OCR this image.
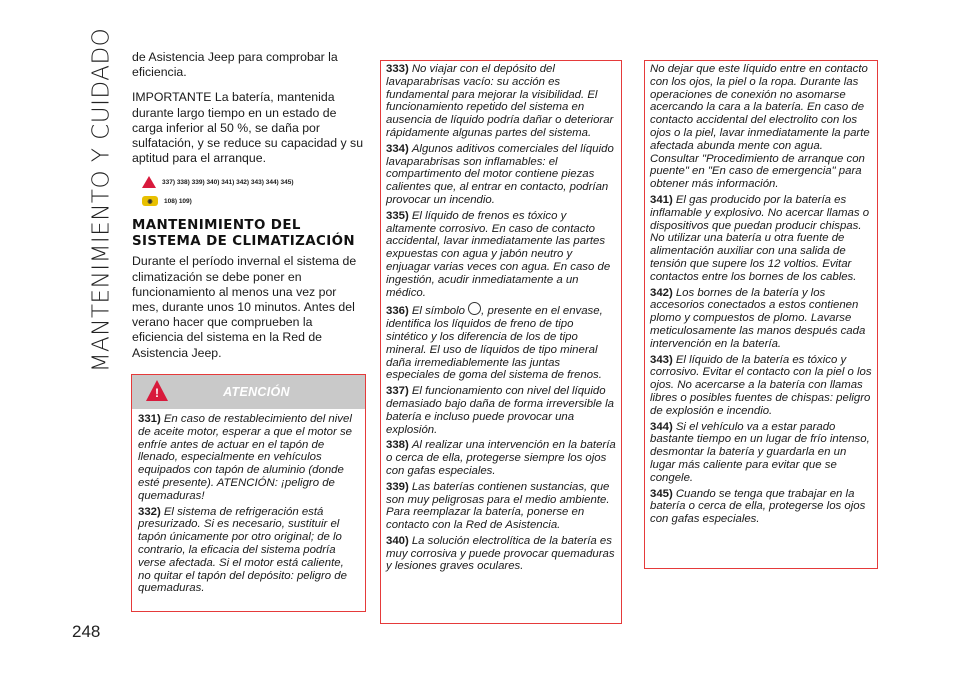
MANTENIMIENTO Y CUIDADO
248

de Asistencia Jeep para comprobar la eficiencia.

IMPORTANTE La batería, mantenida durante largo tiempo en un estado de carga inferior al 50 %, se daña por sulfatación, y se reduce su capacidad y su aptitud para el arranque.

337) 338) 339) 340) 341) 342) 343) 344) 345)
◉	108) 109)
MANTENIMIENTO DEL SISTEMA DE CLIMATIZACIÓN

Durante el período invernal el sistema de climatización se debe poner en funcionamiento al menos una vez por mes, durante unos 10 minutos. Antes del verano hacer que comprueben la eficiencia del sistema en la Red de Asistencia Jeep.

!	ATENCIÓN

331) En caso de restablecimiento del nivel de aceite motor, esperar a que el motor se enfríe antes de actuar en el tapón de llenado, especialmente en vehículos equipados con tapón de aluminio (donde esté presente). ATENCIÓN: ¡peligro de quemaduras!

332) El sistema de refrigeración está presurizado. Si es necesario, sustituir el tapón únicamente por otro original; de lo contrario, la eficacia del sistema podría verse afectada. Si el motor está caliente, no quitar el tapón del depósito: peligro de quemaduras.

333) No viajar con el depósito del lavaparabrisas vacío: su acción es fundamental para mejorar la visibilidad. El funcionamiento repetido del sistema en ausencia de líquido podría dañar o deteriorar rápidamente algunas partes del sistema.

334) Algunos aditivos comerciales del líquido lavaparabrisas son inflamables: el compartimento del motor contiene piezas calientes que, al entrar en contacto, podrían provocar un incendio.

335) El líquido de frenos es tóxico y altamente corrosivo. En caso de contacto accidental, lavar inmediatamente las partes expuestas con agua y jabón neutro y enjuagar varias veces con agua. En caso de ingestión, acudir inmediatamente a un médico.

336) El símbolo , presente en el envase, identifica los líquidos de freno de tipo sintético y los diferencia de los de tipo mineral. El uso de líquidos de tipo mineral daña irremediablemente las juntas especiales de goma del sistema de frenos.

337) El funcionamiento con nivel del líquido demasiado bajo daña de forma irreversible la batería e incluso puede provocar una explosión.

338) Al realizar una intervención en la batería o cerca de ella, protegerse siempre los ojos con gafas especiales.

339) Las baterías contienen sustancias, que son muy peligrosas para el medio ambiente. Para reemplazar la batería, ponerse en contacto con la Red de Asistencia.

340) La solución electrolítica de la batería es muy corrosiva y puede provocar quemaduras y lesiones graves oculares.

No dejar que este líquido entre en contacto con los ojos, la piel o la ropa. Durante las operaciones de conexión no asomarse acercando la cara a la batería. En caso de contacto accidental del electrolito con los ojos o la piel, lavar inmediatamente la parte afectada abunda mente con agua. Consultar "Procedimiento de arranque con puente" en "En caso de emergencia" para obtener más información.

341) El gas producido por la batería es inflamable y explosivo. No acercar llamas o dispositivos que puedan producir chispas. No utilizar una batería u otra fuente de alimentación auxiliar con una salida de tensión que supere los 12 voltios. Evitar contactos entre los bornes de los cables.

342) Los bornes de la batería y los accesorios conectados a estos contienen plomo y compuestos de plomo. Lavarse meticulosamente las manos después cada intervención en la batería.

343) El líquido de la batería es tóxico y corrosivo. Evitar el contacto con la piel o los ojos. No acercarse a la batería con llamas libres o posibles fuentes de chispas: peligro de explosión e incendio.

344) Si el vehículo va a estar parado bastante tiempo en un lugar de frío intenso, desmontar la batería y guardarla en un lugar más caliente para evitar que se congele.

345) Cuando se tenga que trabajar en la batería o cerca de ella, protegerse los ojos con gafas especiales.
